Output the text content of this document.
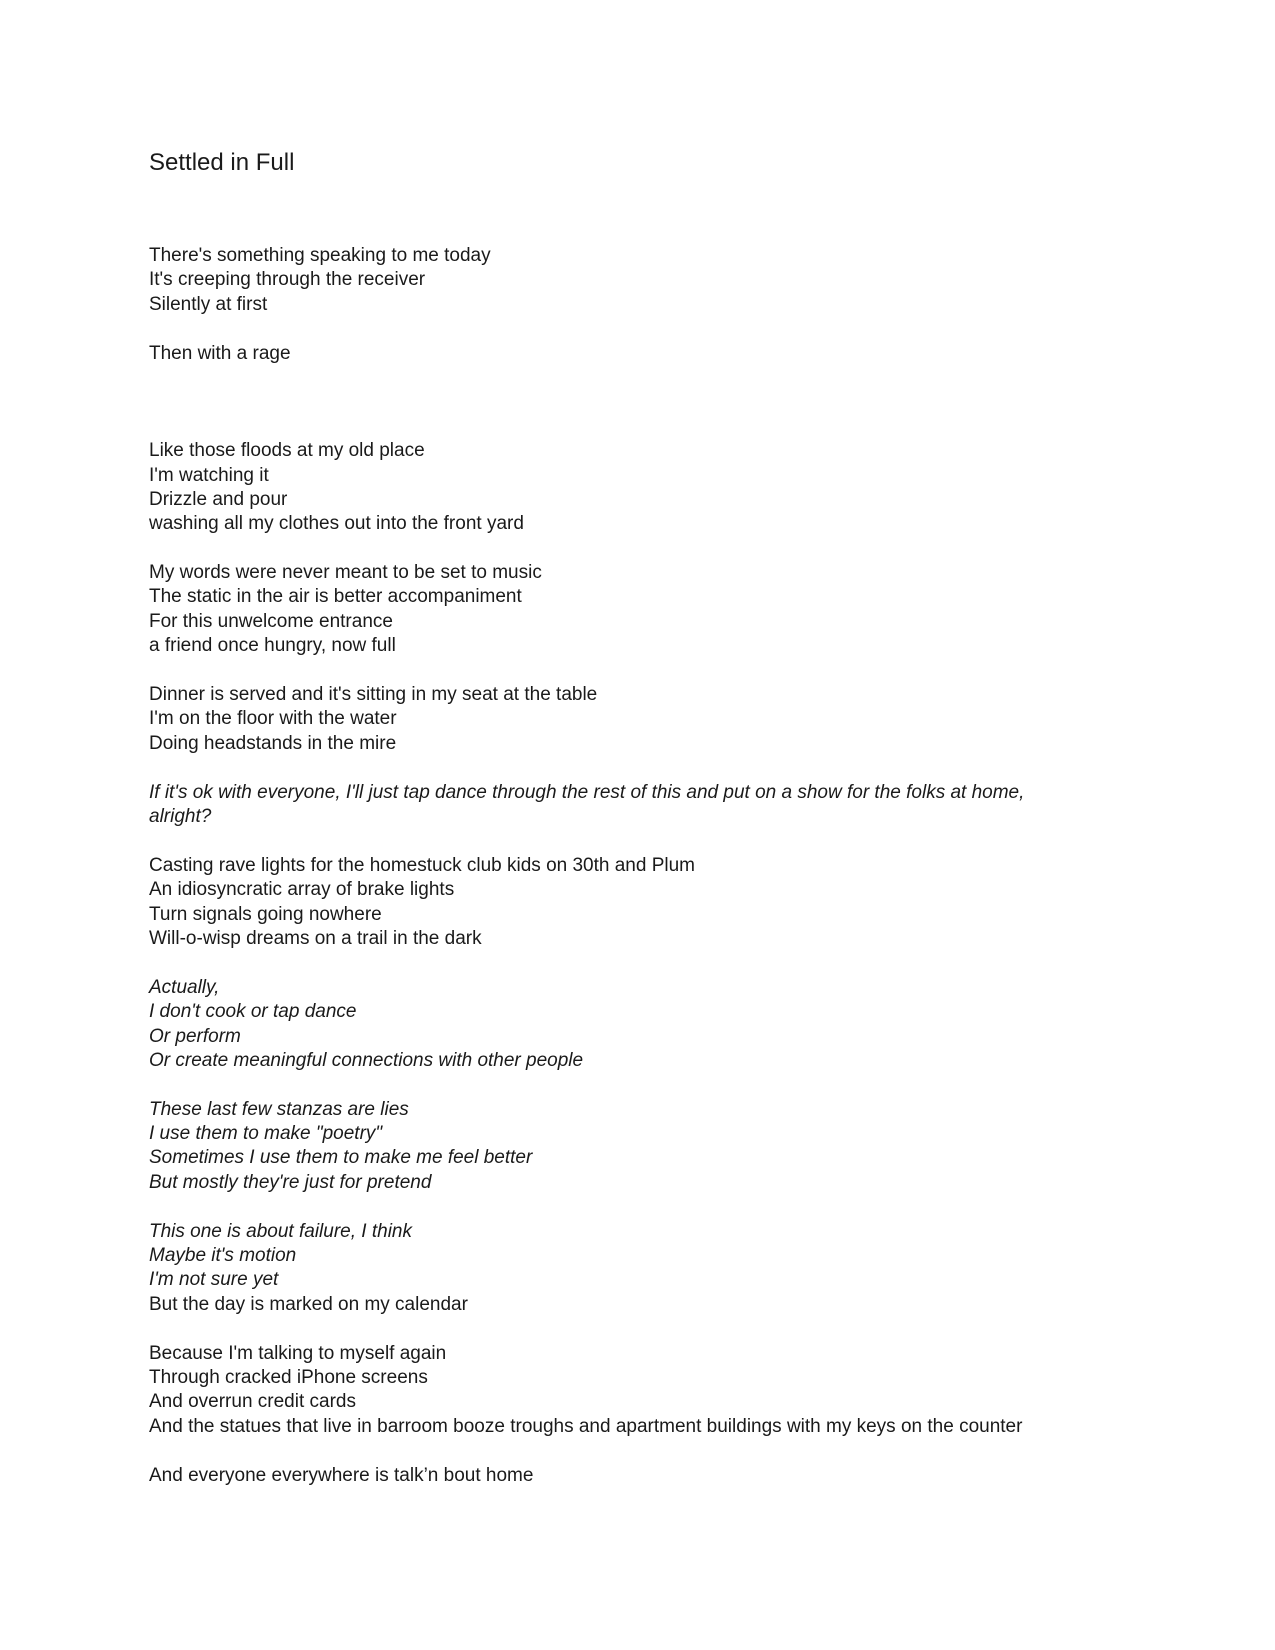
Settled in Full
There's something speaking to me today
It's creeping through the receiver
Silently at first
Then with a rage
Like those floods at my old place
I'm watching it
Drizzle and pour
washing all my clothes out into the front yard
My words were never meant to be set to music
The static in the air is better accompaniment
For this unwelcome entrance
a friend once hungry, now full
Dinner is served and it's sitting in my seat at the table
I'm on the floor with the water
Doing headstands in the mire
If it's ok with everyone, I'll just tap dance through the rest of this and put on a show for the folks at home,
alright?
Casting rave lights for the homestuck club kids on 30th and Plum
An idiosyncratic array of brake lights
Turn signals going nowhere
Will-o-wisp dreams on a trail in the dark
Actually,
I don't cook or tap dance
Or perform
Or create meaningful connections with other people
These last few stanzas are lies
I use them to make "poetry"
Sometimes I use them to make me feel better
But mostly they're just for pretend
This one is about failure, I think
Maybe it's motion
I'm not sure yet
But the day is marked on my calendar
Because I'm talking to myself again
Through cracked iPhone screens
And overrun credit cards
And the statues that live in barroom booze troughs and apartment buildings with my keys on the counter
And everyone everywhere is talk’n bout home
